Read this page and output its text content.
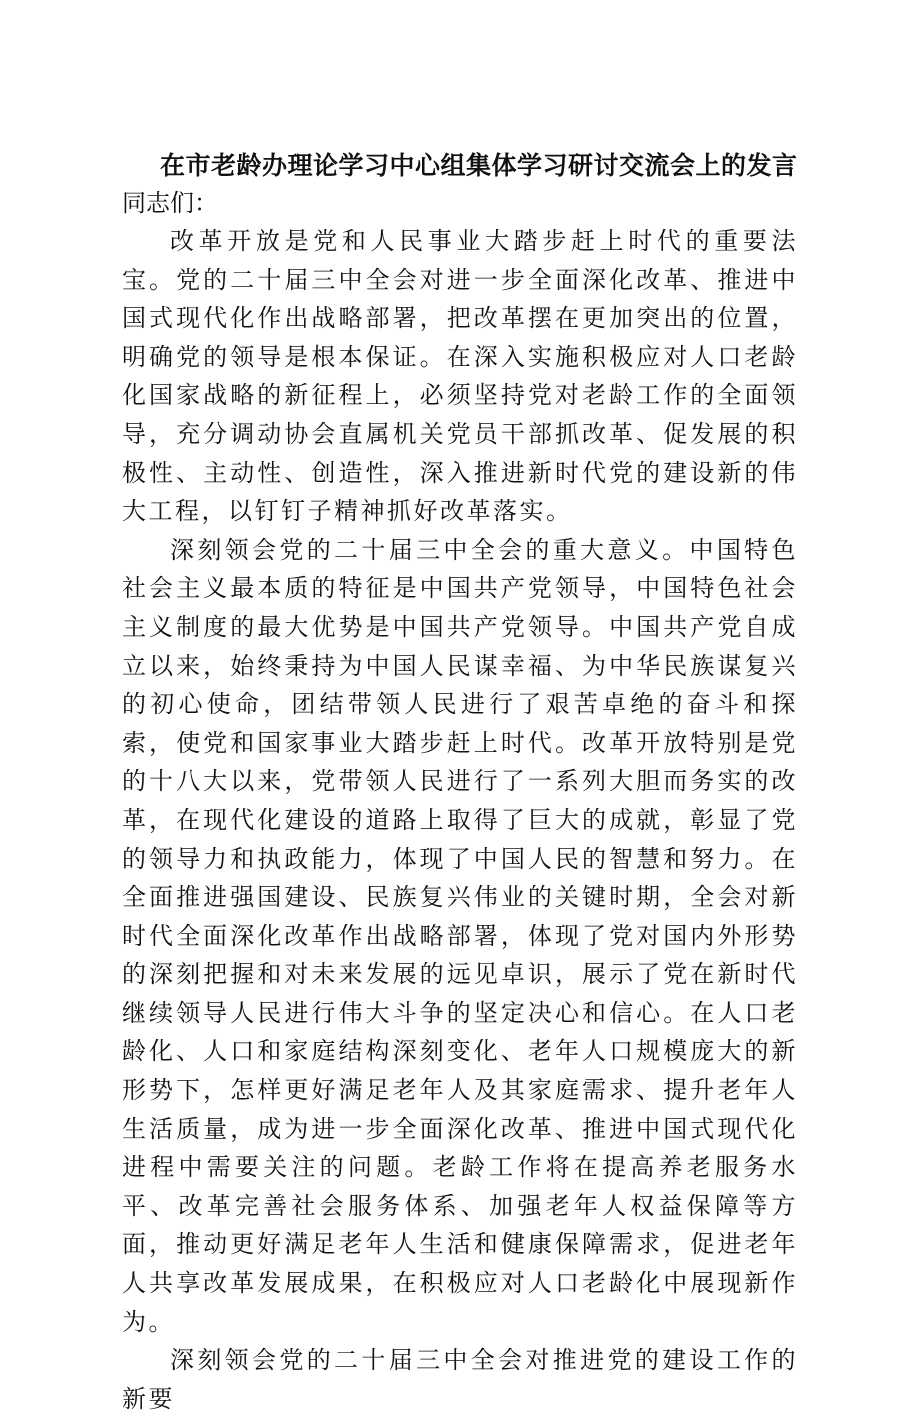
在市老龄办理论学习中心组集体学习研讨交流会上的发言

同志们：

改革开放是党和人民事业大踏步赶上时代的重要法宝。党的二十届三中全会对进一步全面深化改革、推进中国式现代化作出战略部署，把改革摆在更加突出的位置，明确党的领导是根本保证。在深入实施积极应对人口老龄化国家战略的新征程上，必须坚持党对老龄工作的全面领导，充分调动协会直属机关党员干部抓改革、促发展的积极性、主动性、创造性，深入推进新时代党的建设新的伟大工程，以钉钉子精神抓好改革落实。

深刻领会党的二十届三中全会的重大意义。中国特色社会主义最本质的特征是中国共产党领导，中国特色社会主义制度的最大优势是中国共产党领导。中国共产党自成立以来，始终秉持为中国人民谋幸福、为中华民族谋复兴的初心使命，团结带领人民进行了艰苦卓绝的奋斗和探索，使党和国家事业大踏步赶上时代。改革开放特别是党的十八大以来，党带领人民进行了一系列大胆而务实的改革，在现代化建设的道路上取得了巨大的成就，彰显了党的领导力和执政能力，体现了中国人民的智慧和努力。在全面推进强国建设、民族复兴伟业的关键时期，全会对新时代全面深化改革作出战略部署，体现了党对国内外形势的深刻把握和对未来发展的远见卓识，展示了党在新时代继续领导人民进行伟大斗争的坚定决心和信心。在人口老龄化、人口和家庭结构深刻变化、老年人口规模庞大的新形势下，怎样更好满足老年人及其家庭需求、提升老年人生活质量，成为进一步全面深化改革、推进中国式现代化进程中需要关注的问题。老龄工作将在提高养老服务水平、改革完善社会服务体系、加强老年人权益保障等方面，推动更好满足老年人生活和健康保障需求，促进老年人共享改革发展成果，在积极应对人口老龄化中展现新作为。

深刻领会党的二十届三中全会对推进党的建设工作的新要
